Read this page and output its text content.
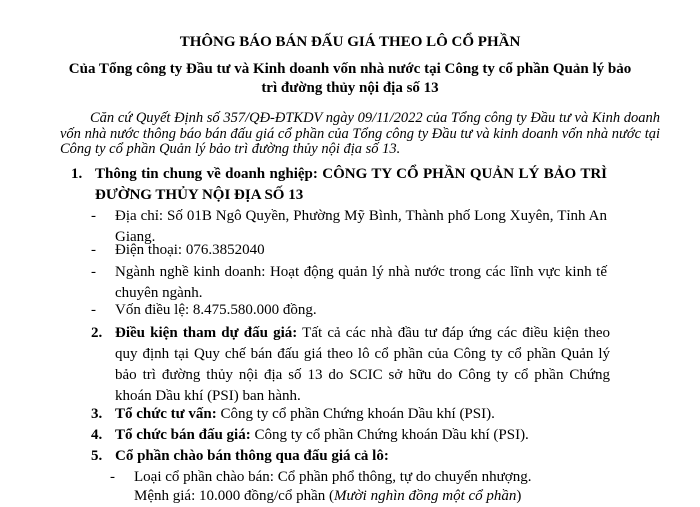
THÔNG BÁO BÁN ĐẤU GIÁ THEO LÔ CỔ PHẦN
Của Tổng công ty Đầu tư và Kinh doanh vốn nhà nước tại Công ty cổ phần Quản lý bảo trì đường thủy nội địa số 13
Căn cứ Quyết Định số 357/QĐ-ĐTKDV ngày 09/11/2022 của Tổng công ty Đầu tư và Kinh doanh vốn nhà nước thông báo bán đấu giá cổ phần của Tổng công ty Đầu tư và kinh doanh vốn nhà nước tại Công ty cổ phần Quản lý bảo trì đường thủy nội địa số 13.
1. Thông tin chung về doanh nghiệp: CÔNG TY CỔ PHẦN QUẢN LÝ BẢO TRÌ ĐƯỜNG THỦY NỘI ĐỊA SỐ 13
- Địa chỉ: Số 01B Ngô Quyền, Phường Mỹ Bình, Thành phố Long Xuyên, Tỉnh An Giang.
- Điện thoại: 076.3852040
- Ngành nghề kinh doanh: Hoạt động quản lý nhà nước trong các lĩnh vực kinh tế chuyên ngành.
- Vốn điều lệ: 8.475.580.000 đồng.
2. Điều kiện tham dự đấu giá: Tất cả các nhà đầu tư đáp ứng các điều kiện theo quy định tại Quy chế bán đấu giá theo lô cổ phần của Công ty cổ phần Quản lý bảo trì đường thủy nội địa số 13 do SCIC sở hữu do Công ty cổ phần Chứng khoán Dầu khí (PSI) ban hành.
3. Tổ chức tư vấn: Công ty cổ phần Chứng khoán Dầu khí (PSI).
4. Tổ chức bán đấu giá: Công ty cổ phần Chứng khoán Dầu khí (PSI).
5. Cổ phần chào bán thông qua đấu giá cả lô:
- Loại cổ phần chào bán: Cổ phần phổ thông, tự do chuyển nhượng.
Mệnh giá: 10.000 đồng/cổ phần (Mười nghìn đồng một cổ phần)
